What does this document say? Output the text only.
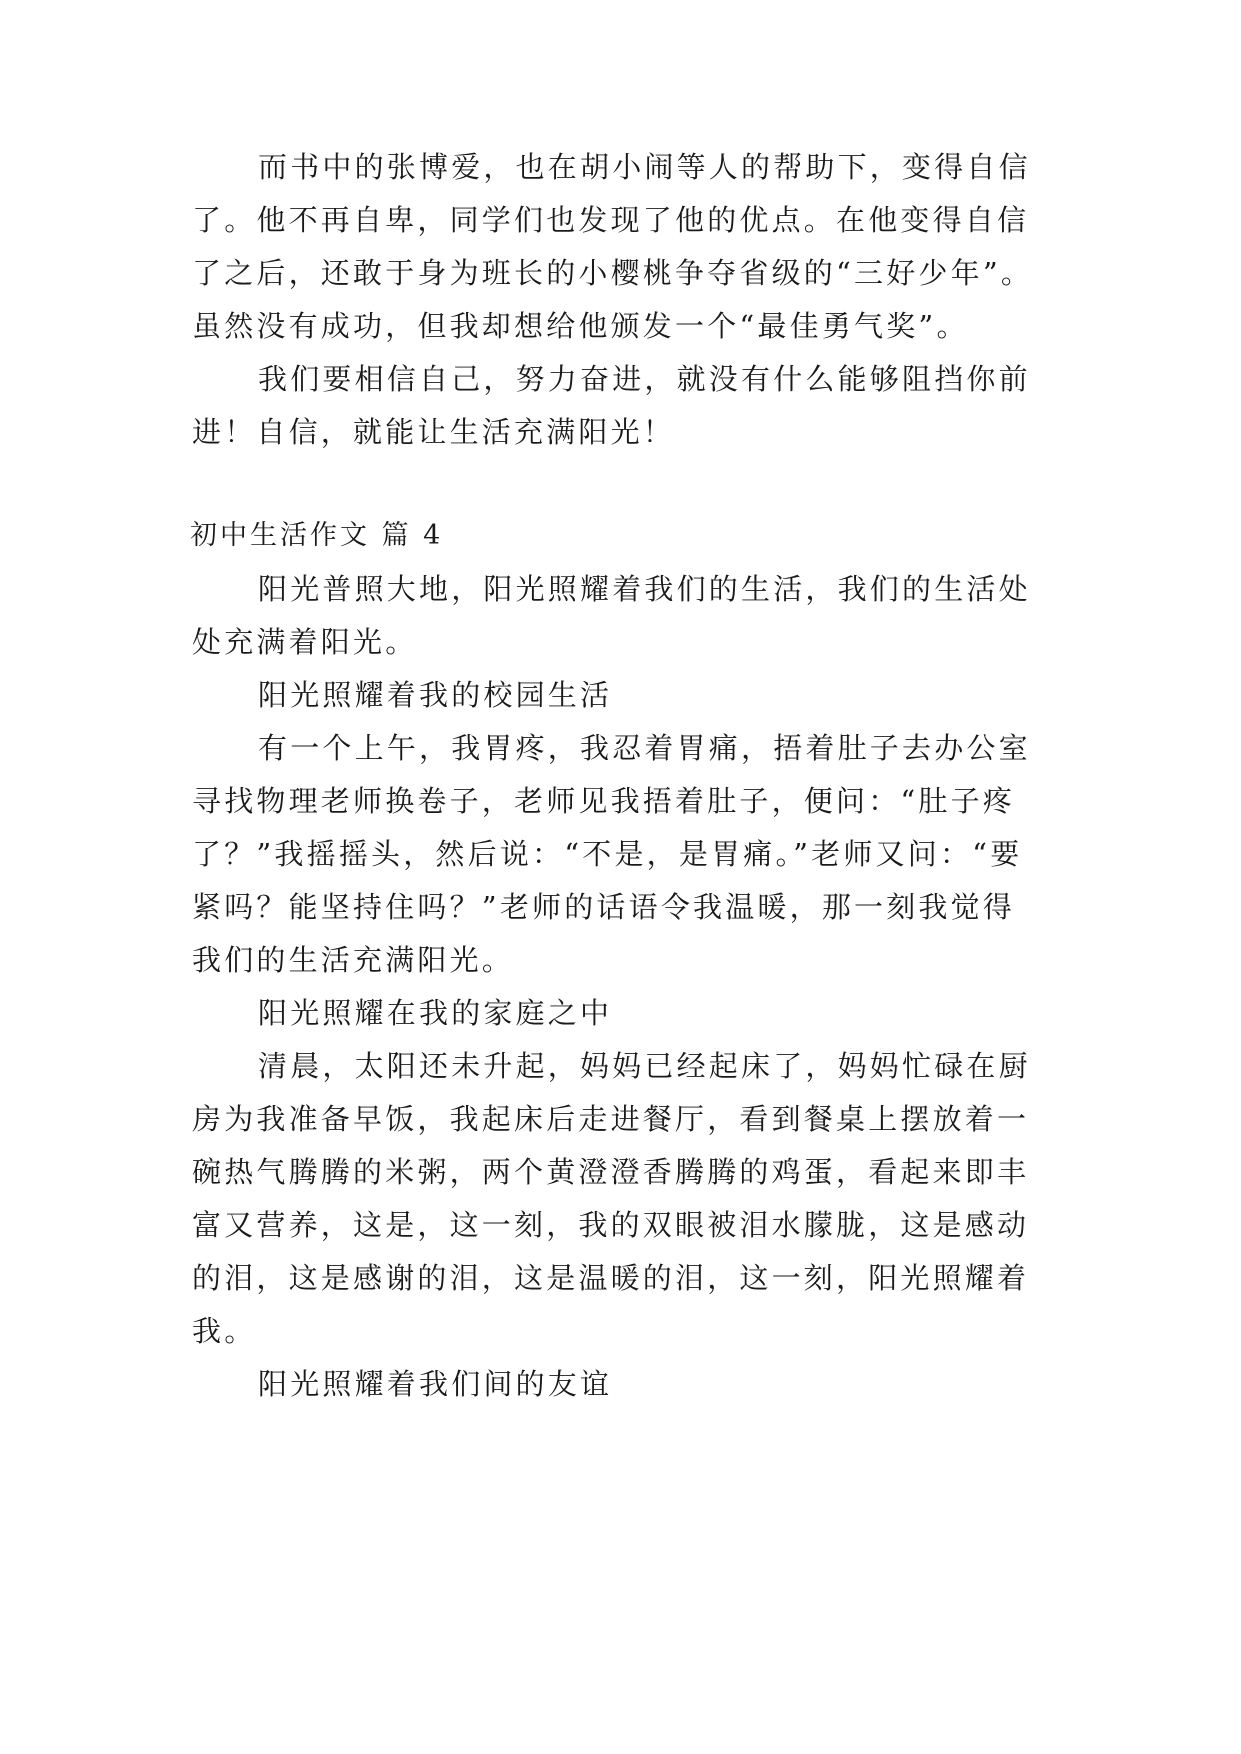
而书中的张博爱，也在胡小闹等人的帮助下，变得自信
了。他不再自卑，同学们也发现了他的优点。在他变得自信
了之后，还敢于身为班长的小樱桃争夺省级的“三好少年”。
虽然没有成功，但我却想给他颁发一个“最佳勇气奖”。
我们要相信自己，努力奋进，就没有什么能够阻挡你前
进！自信，就能让生活充满阳光！
初中生活作文 篇 4
阳光普照大地，阳光照耀着我们的生活，我们的生活处
处充满着阳光。
阳光照耀着我的校园生活
有一个上午，我胃疼，我忍着胃痛，捂着肚子去办公室
寻找物理老师换卷子，老师见我捂着肚子，便问：“肚子疼
了？”我摇摇头，然后说：“不是，是胃痛。”老师又问：“要
紧吗？能坚持住吗？”老师的话语令我温暖，那一刻我觉得
我们的生活充满阳光。
阳光照耀在我的家庭之中
清晨，太阳还未升起，妈妈已经起床了，妈妈忙碌在厨
房为我准备早饭，我起床后走进餐厅，看到餐桌上摆放着一
碗热气腾腾的米粥，两个黄澄澄香腾腾的鸡蛋，看起来即丰
富又营养，这是，这一刻，我的双眼被泪水朦胧，这是感动
的泪，这是感谢的泪，这是温暖的泪，这一刻，阳光照耀着
我。
阳光照耀着我们间的友谊
